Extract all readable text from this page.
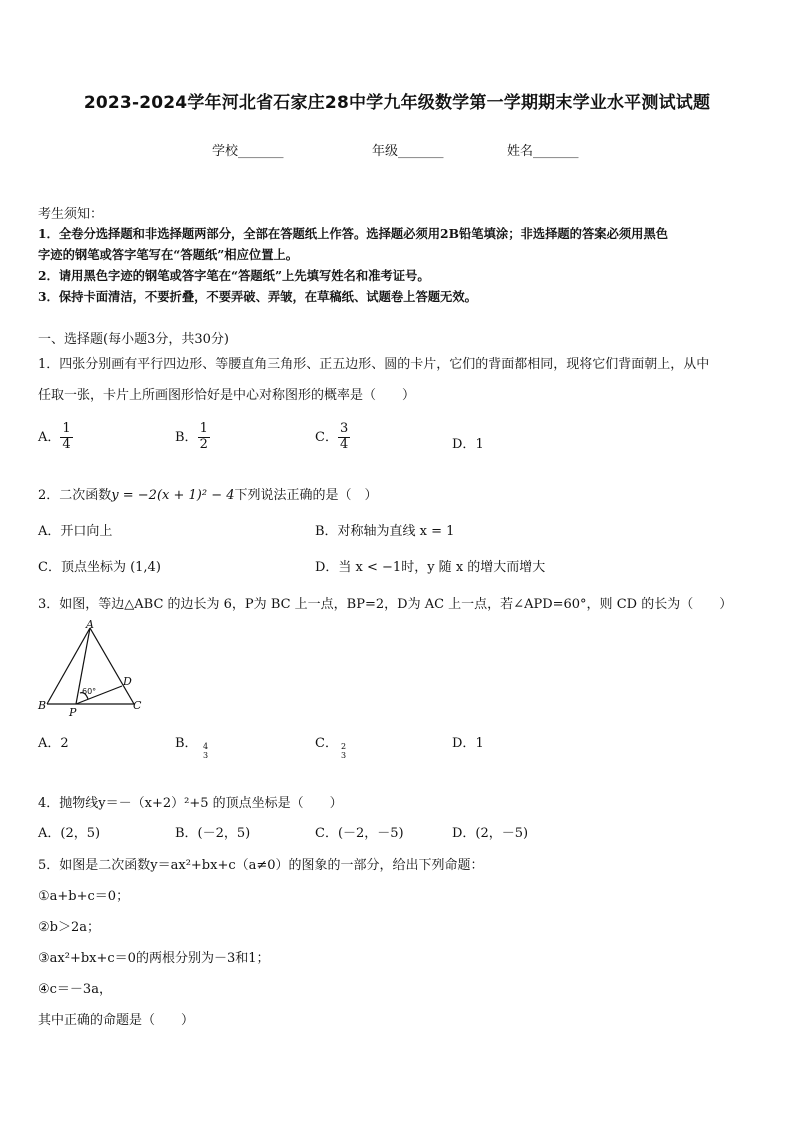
2023-2024学年河北省石家庄28中学九年级数学第一学期期末学业水平测试试题
学校_______	年级_______	姓名_______
考生须知：
1．全卷分选择题和非选择题两部分，全部在答题纸上作答。选择题必须用2B铅笔填涂；非选择题的答案必须用黑色
字迹的钢笔或答字笔写在“答题纸”相应位置上。
2．请用黑色字迹的钢笔或答字笔在“答题纸”上先填写姓名和准考证号。
3．保持卡面清洁，不要折叠，不要弄破、弄皱，在草稿纸、试题卷上答题无效。
一、选择题(每小题3分，共30分)
1．四张分别画有平行四边形、等腰直角三角形、正五边形、圆的卡片，它们的背面都相同，现将它们背面朝上，从中
任取一张，卡片上所画图形恰好是中心对称图形的概率是（　　）
A． $\frac{1}{4}$	B． $\frac{1}{2}$	C． $\frac{3}{4}$	D．1
2．二次函数y = −2(x + 1)² − 4下列说法正确的是（　）
A．开口向上	B．对称轴为直线 x = 1
C．顶点坐标为 (1,4)	D．当 x < −1时，y 随 x 的增大而增大
3．如图，等边△ABC 的边长为 6，P为 BC 上一点，BP=2，D为 AC 上一点，若∠APD=60°，则 CD 的长为（　　）
A
B	C
D
P
60°
A．2	B． 4
3
C． 2
3
D．1
4．抛物线y＝－（x+2）²+5 的顶点坐标是（　　）
A．(2，5)	B．(－2，5)	C．(－2，－5)	D．(2，－5)
5．如图是二次函数y＝ax²+bx+c（a≠0）的图象的一部分，给出下列命题：
①a+b+c＝0；
②b＞2a；
③ax²+bx+c＝0的两根分别为－3和1；
④c＝－3a，
其中正确的命题是（　　）
